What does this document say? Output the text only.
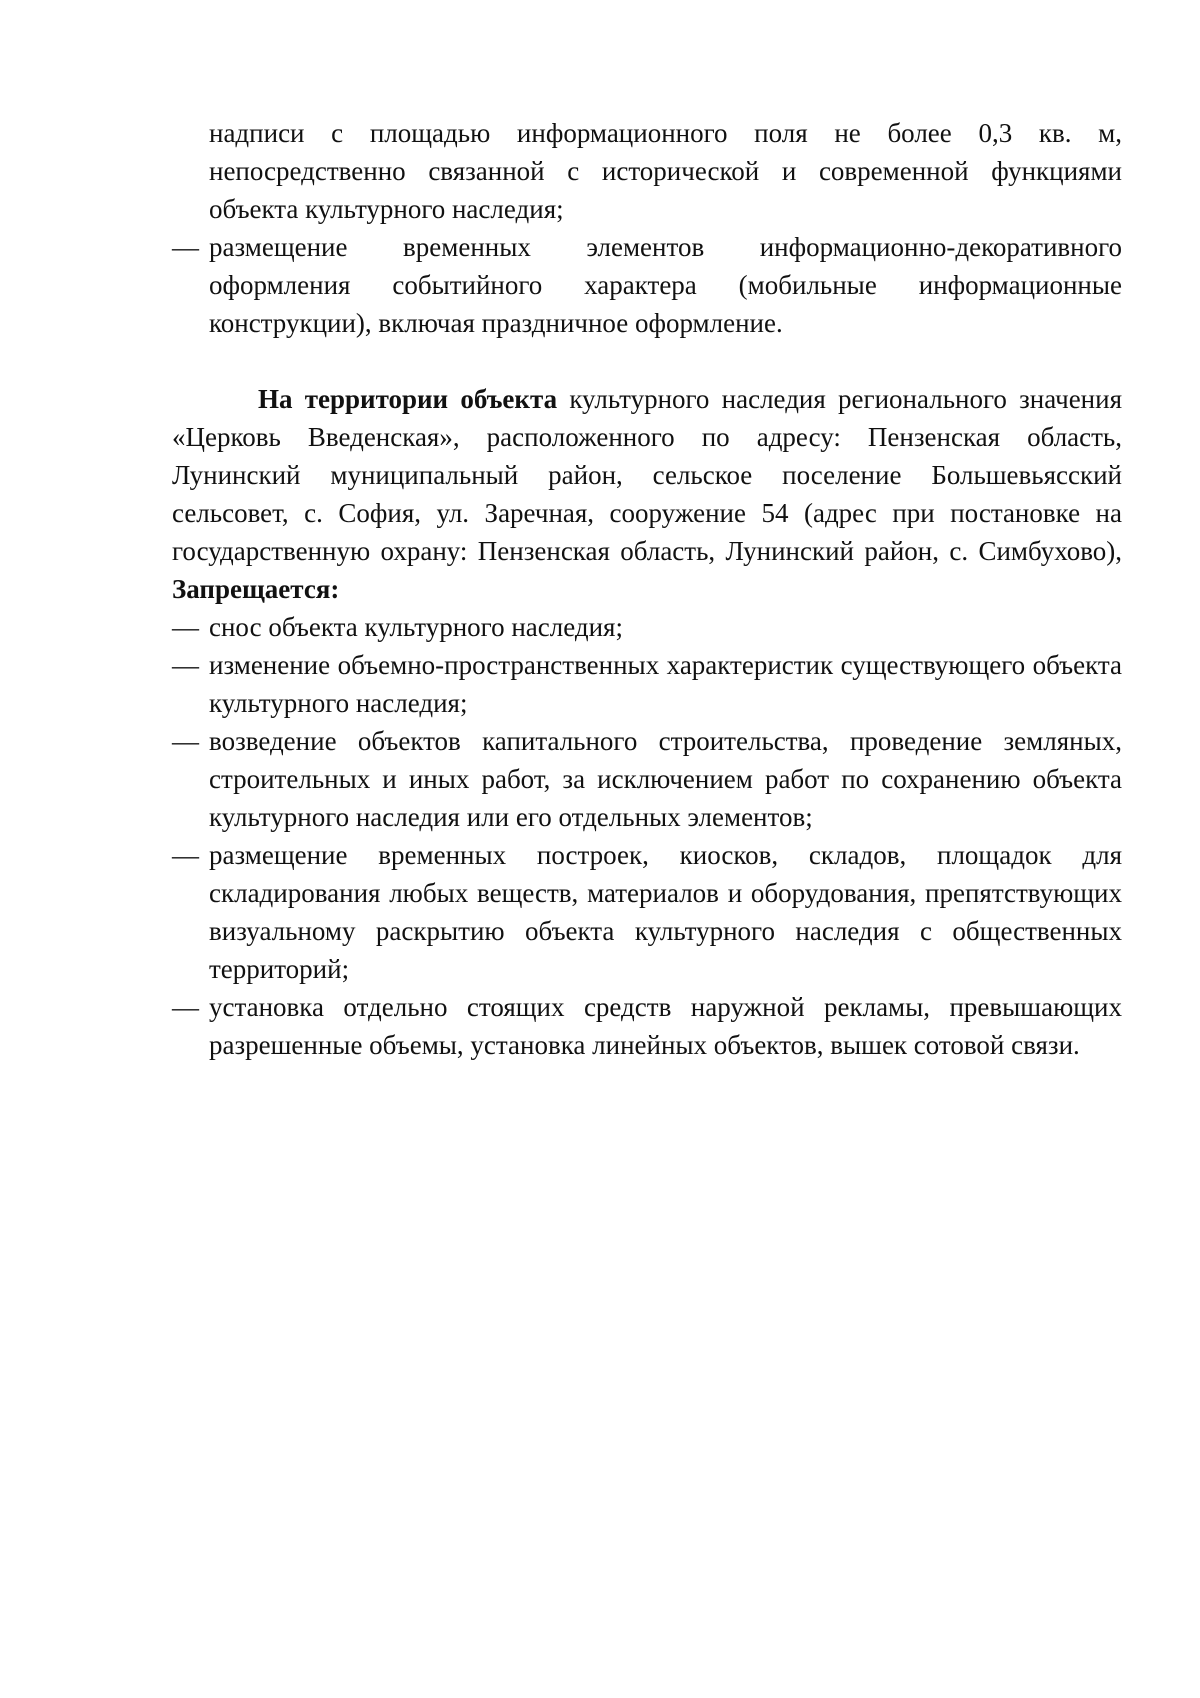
надписи с площадью информационного поля не более 0,3 кв. м, непосредственно связанной с исторической и современной функциями объекта культурного наследия;
— размещение временных элементов информационно-декоративного оформления событийного характера (мобильные информационные конструкции), включая праздничное оформление.
На территории объекта культурного наследия регионального значения «Церковь Введенская», расположенного по адресу: Пензенская область, Лунинский муниципальный район, сельское поселение Большевьясский сельсовет, с. София, ул. Заречная, сооружение 54 (адрес при постановке на государственную охрану: Пензенская область, Лунинский район, с. Симбухово), Запрещается:
— снос объекта культурного наследия;
— изменение объемно-пространственных характеристик существующего объекта культурного наследия;
— возведение объектов капитального строительства, проведение земляных, строительных и иных работ, за исключением работ по сохранению объекта культурного наследия или его отдельных элементов;
— размещение временных построек, киосков, складов, площадок для складирования любых веществ, материалов и оборудования, препятствующих визуальному раскрытию объекта культурного наследия с общественных территорий;
— установка отдельно стоящих средств наружной рекламы, превышающих разрешенные объемы, установка линейных объектов, вышек сотовой связи.
